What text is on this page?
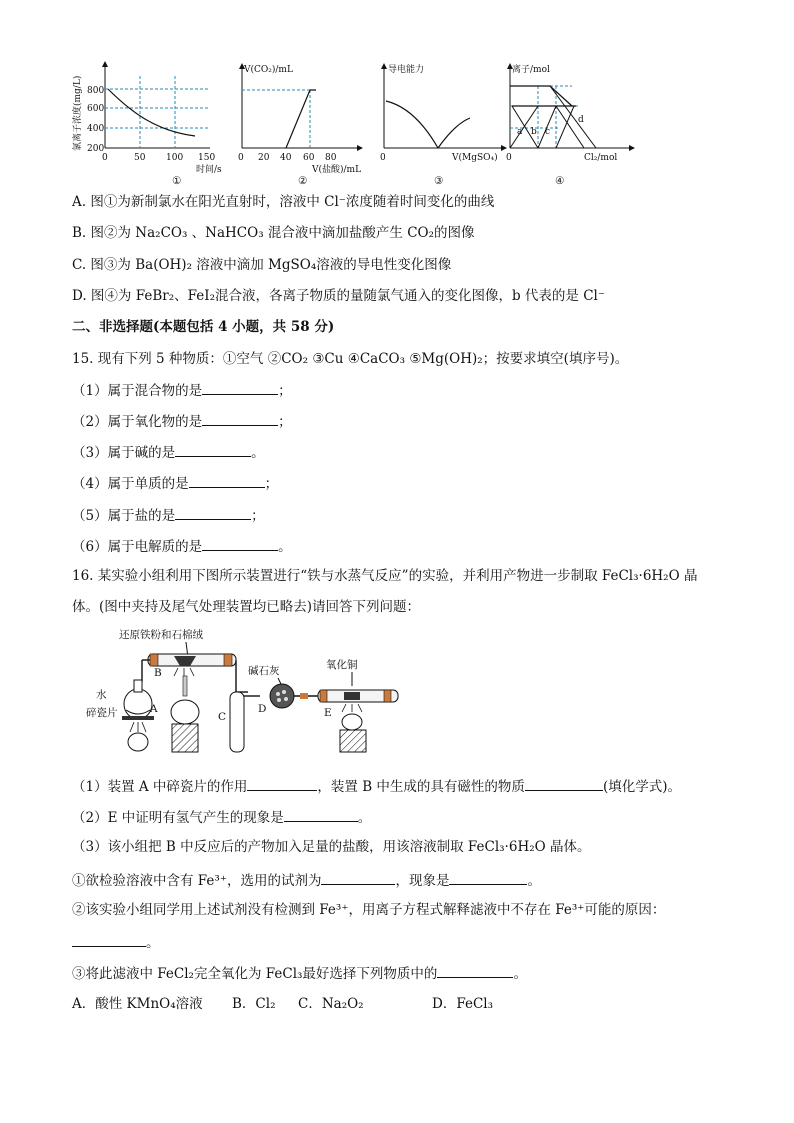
氯离子浓度(mg/L) 800
600
400
200
0	50 100 150
时间/s
①
V(CO₂)/mL
0 20 40 60 80
V(盐酸)/mL
②
导电能力
0	V(MgSO₄)
③
离子/mol
a b c
d
0	Cl₂/mol
④
A. 图①为新制氯水在阳光直射时，溶液中 Cl⁻浓度随着时间变化的曲线
B. 图②为 Na₂CO₃ 、NaHCO₃ 混合液中滴加盐酸产生 CO₂的图像
C. 图③为 Ba(OH)₂ 溶液中滴加 MgSO₄溶液的导电性变化图像
D. 图④为 FeBr₂、FeI₂混合液，各离子物质的量随氯气通入的变化图像，b 代表的是 Cl⁻
二、非选择题(本题包括 4 小题，共 58 分)
15. 现有下列 5 种物质：①空气 ②CO₂ ③Cu ④CaCO₃ ⑤Mg(OH)₂；按要求填空(填序号)。
（1）属于混合物的是	；
（2）属于氧化物的是	；
（3）属于碱的是	。
（4）属于单质的是	；
（5）属于盐的是	；
（6）属于电解质的是	。
16. 某实验小组利用下图所示装置进行“铁与水蒸气反应”的实验，并利用产物进一步制取 FeCl₃·6H₂O 晶
体。(图中夹持及尾气处理装置均已略去)请回答下列问题：
还原铁粉和石棉绒
B
水
碎瓷片	A
C
碱石灰
D
氧化铜
E
（1）装置 A 中碎瓷片的作用	，装置 B 中生成的具有磁性的物质	(填化学式)。
（2）E 中证明有氢气产生的现象是	。
（3）该小组把 B 中反应后的产物加入足量的盐酸，用该溶液制取 FeCl₃·6H₂O 晶体。
①欲检验溶液中含有 Fe³⁺，选用的试剂为	，现象是	。
②该实验小组同学用上述试剂没有检测到 Fe³⁺，用离子方程式解释滤液中不存在 Fe³⁺可能的原因：
。
③将此滤液中 FeCl₂完全氧化为 FeCl₃最好选择下列物质中的	。
A．酸性 KMnO₄溶液 B．Cl₂ C．Na₂O₂	D．FeCl₃
